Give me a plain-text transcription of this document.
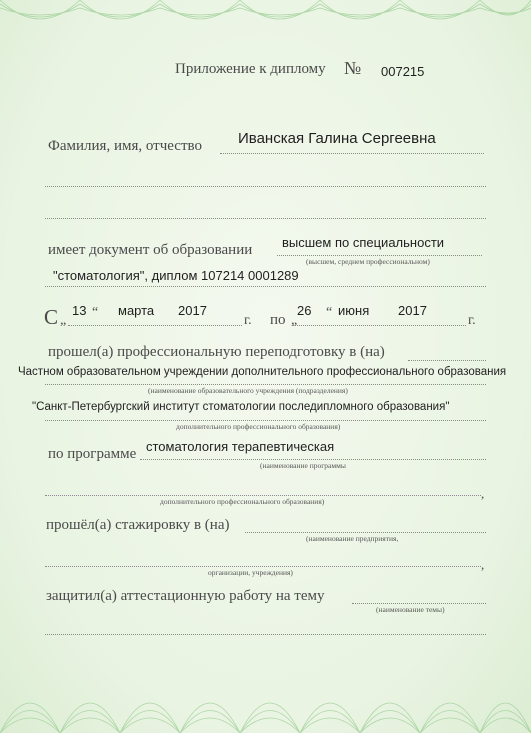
Приложение к диплому № 007215
Фамилия, имя, отчество Иванская Галина Сергеевна
имеет документ об образовании высшем по специальности
(высшем, среднем профессиональном)
"стоматология", диплом 107214 0001289
С „
13 “ марта 2017
г. по „
26 “ июня 2017
г.
прошел(а) профессиональную переподготовку в (на)
Частном образовательном учреждении дополнительного профессионального образования
(наименование образовательного учреждения (подразделения)
"Санкт-Петербургский институт стоматологии последипломного образования"
дополнительного профессионального образования)
по программе стоматология терапевтическая
(наименование программы
,
дополнительного профессионального образования)
прошёл(а) стажировку в (на)
(наименование предприятия,
,
организации, учреждения)
защитил(а) аттестационную работу на тему
(наименование темы)
